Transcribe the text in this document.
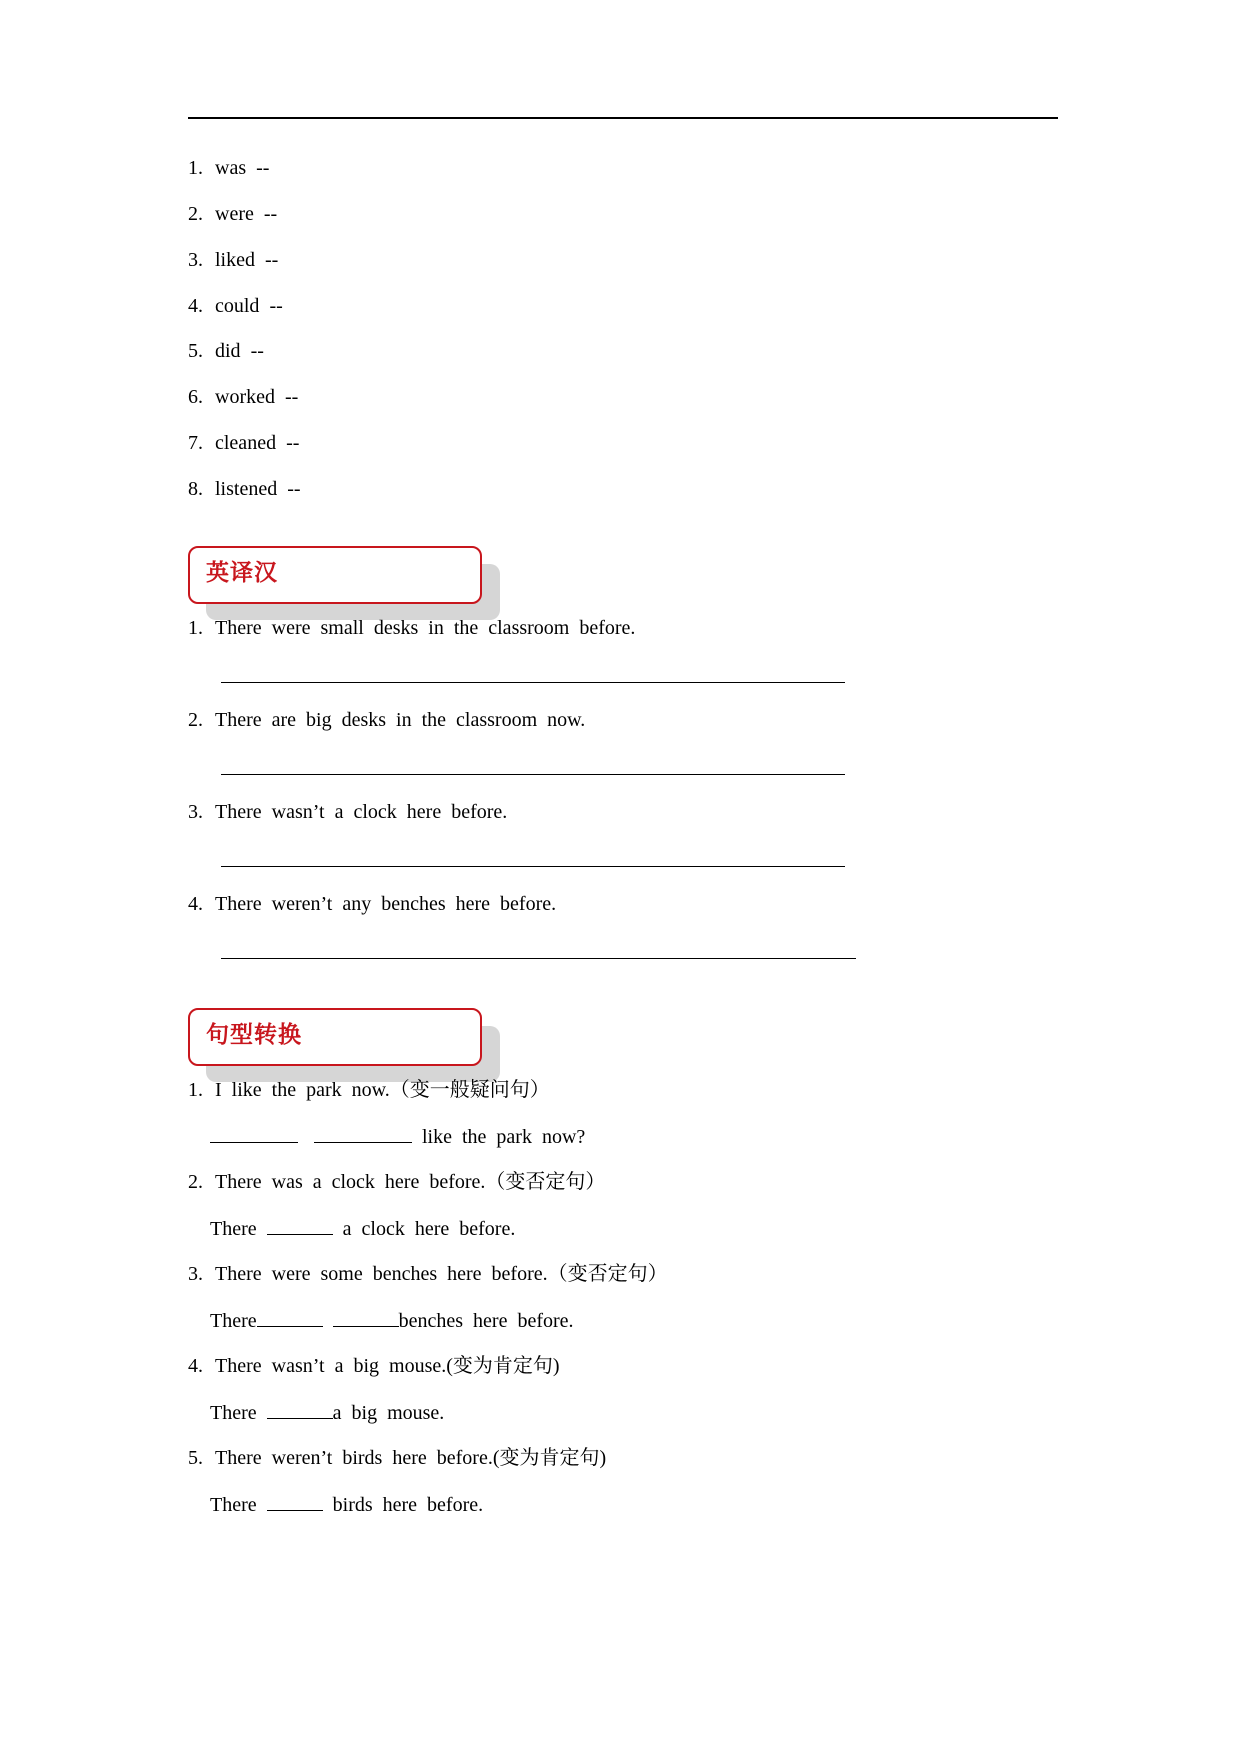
1. was --
2. were --
3. liked --
4. could --
5. did --
6. worked --
7. cleaned --
8. listened --
英译汉
1. There were small desks in the classroom before.
2. There are big desks in the classroom now.
3. There wasn’t a clock here before.
4. There weren’t any benches here before.
句型转换
1. I like the park now.（变一般疑问句）
like the park now?
2. There was a clock here before.（变否定句）
There	a clock here before.
3. There were some benches here before.（变否定句）
There	benches here before.
4. There wasn’t a big mouse.(变为肯定句)
There	a big mouse.
5. There weren’t birds here before.(变为肯定句)
There	birds here before.
